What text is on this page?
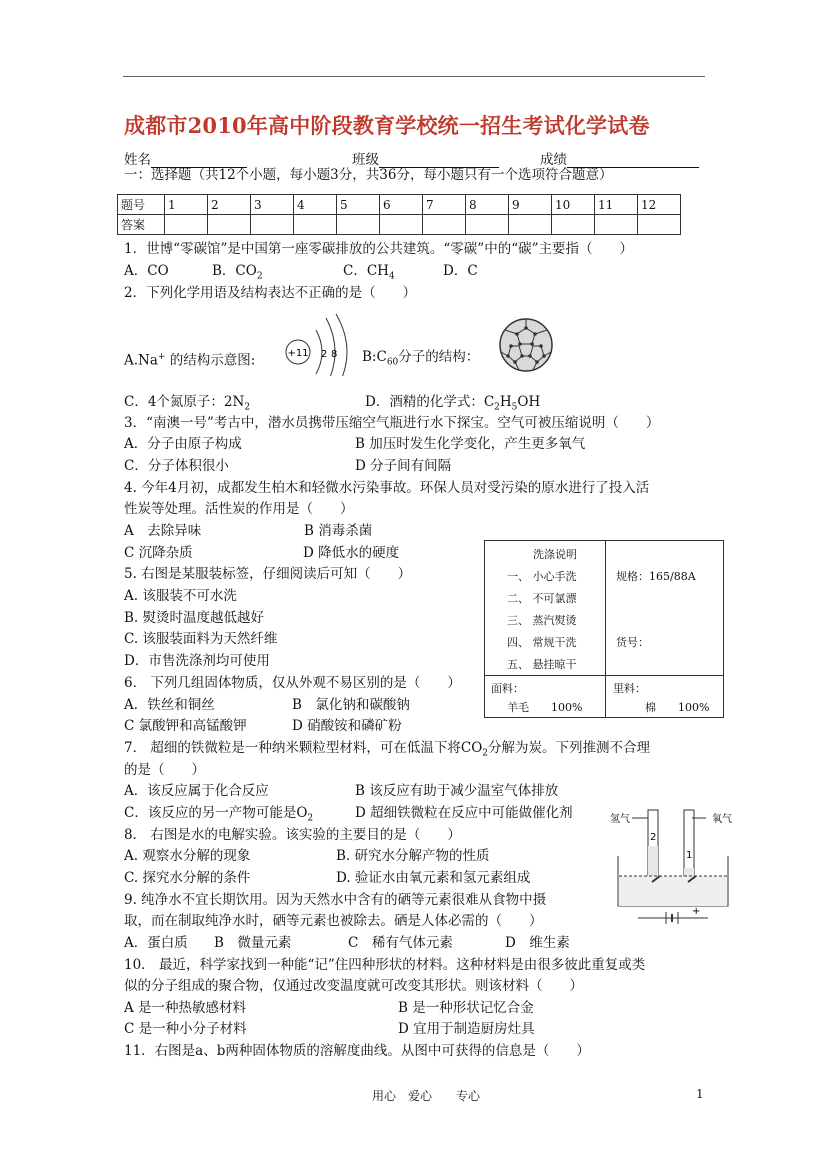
成都市2010年高中阶段教育学校统一招生考试化学试卷
姓名	班级	成绩
一：选择题（共12个小题，每小题3分，共36分，每小题只有一个选项符合题意）
题号	1	2	3	4	5	6	7	8	9	10	11	12
答案												
1．世博“零碳馆”是中国第一座零碳排放的公共建筑。“零碳”中的“碳”主要指（　　）
A．CO	B．$CO_2$	C．$CH_4$	D．C
2．下列化学用语及结构表达不正确的是（　　）
A.Na+ 的结构示意图:	+11 2 8 $B:C_{60}$分子的结构：
C．4个氮原子：$2N_2$	D．酒精的化学式：$C_2H_5OH$
3．“南澳一号”考古中，潜水员携带压缩空气瓶进行水下探宝。空气可被压缩说明（　　）
A．分子由原子构成	B 加压时发生化学变化，产生更多氧气
C．分子体积很小	D 分子间有间隔
4. 今年4月初，成都发生柏木和轻微水污染事故。环保人员对受污染的原水进行了投入活
性炭等处理。活性炭的作用是（　　）
A　去除异味	B 消毒杀菌
C 沉降杂质	D 降低水的硬度
5. 右图是某服装标签，仔细阅读后可知（　　）
A. 该服装不可水洗
B. 熨烫时温度越低越好
C. 该服装面料为天然纤维
D．市售洗涤剂均可使用
洗涤说明
一、 小心手洗
二、 不可氯漂
三、 蒸汽熨烫
四、 常规干洗
五、 悬挂晾干
规格：165/88A
货号：
面料：
羊毛　　100%
里料：
棉　　100%
6． 下列几组固体物质，仅从外观不易区别的是（　　）
A．铁丝和铜丝	B　氯化钠和碳酸钠
C 氯酸钾和高锰酸钾	D 硝酸铵和磷矿粉
7． 超细的铁微粒是一种纳米颗粒型材料，可在低温下将$CO_2$分解为炭。下列推测不合理
的是（　　）
A．该反应属于化合反应	B 该反应有助于减少温室气体排放
C．该反应的另一产物可能是$O_2$	D 超细铁微粒在反应中可能做催化剂
8． 右图是水的电解实验。该实验的主要目的是（　　）
A. 观察水分解的现象	B. 研究水分解产物的性质
C. 探究水分解的条件	D. 验证水由氧元素和氢元素组成
氢气	氧气
2
1
+
9. 纯净水不宜长期饮用。因为天然水中含有的硒等元素很难从食物中摄
取，而在制取纯净水时，硒等元素也被除去。硒是人体必需的（　　）
A．蛋白质 B　微量元素	C　稀有气体元素	D　维生素
10． 最近，科学家找到一种能“记”住四种形状的材料。这种材料是由很多彼此重复或类
似的分子组成的聚合物，仅通过改变温度就可改变其形状。则该材料（　　）
A 是一种热敏感材料	B 是一种形状记忆合金
C 是一种小分子材料	D 宜用于制造厨房灶具
11．右图是a、b两种固体物质的溶解度曲线。从图中可获得的信息是（　　）
用心　爱心　　专心	1
